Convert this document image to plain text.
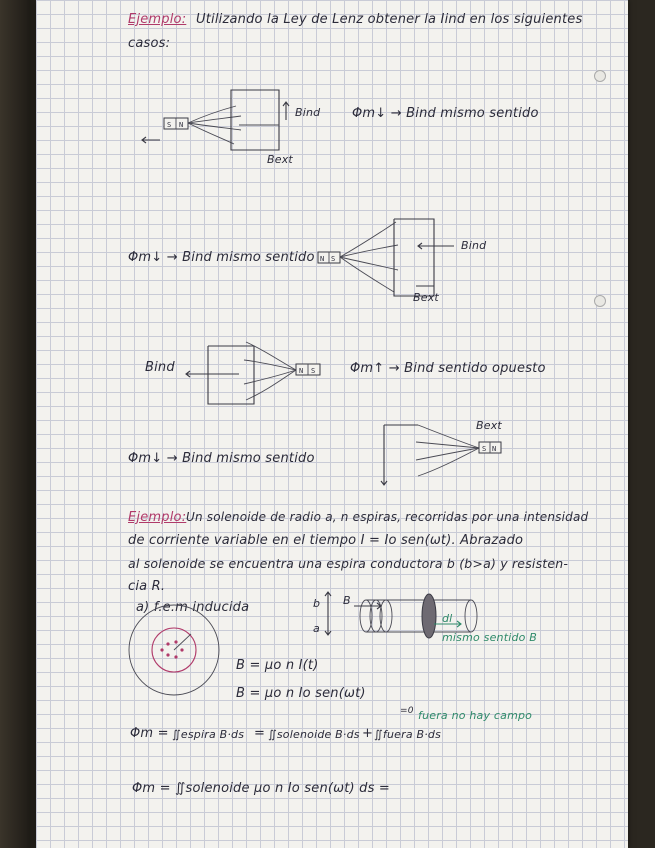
Ejemplo: Utilizando la Ley de Lenz obtener la Iind en los siguientes
casos:
S N
Bind
Bext
Φm↓ → Bind mismo sentido
Φm↓ → Bind mismo sentido N S
Bind
Bext
Bind	N S	Φm↑ → Bind sentido opuesto
Φm↓ → Bind mismo sentido
S N
Bext
Ejemplo: Un solenoide de radio a, n espiras, recorridas por una intensidad
de corriente variable en el tiempo I = Io sen(ωt). Abrazado
al solenoide se encuentra una espira conductora b (b>a) y resisten-
cia R.
a) f.e.m inducida	b
a
B
dl
mismo sentido B
B = μo n I(t)
B = μo n Io sen(ωt)
Φm = ∬espira B·ds = ∬solenoide B·ds + ∬fuera B·ds
=0 fuera no hay campo
Φm = ∬solenoide μo n Io sen(ωt) ds =
